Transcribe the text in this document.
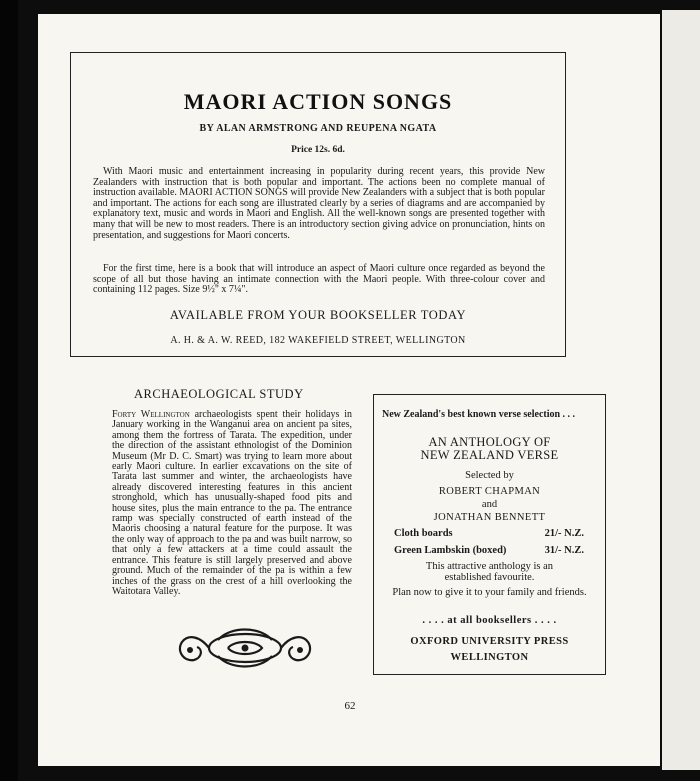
MAORI ACTION SONGS
BY ALAN ARMSTRONG AND REUPENA NGATA
Price 12s. 6d.
With Maori music and entertainment increasing in popularity during recent years, this provide New Zealanders with instruction that is both popular and important. The actions been no complete manual of instruction available. MAORI ACTION SONGS will provide New Zealanders with a subject that is both popular and important. The actions for each song are illustrated clearly by a series of diagrams and are accompanied by explanatory text, music and words in Maori and English. All the well-known songs are presented together with many that will be new to most readers. There is an introductory section giving advice on pronunciation, hints on presentation, and suggestions for Maori concerts.
For the first time, here is a book that will introduce an aspect of Maori culture once regarded as beyond the scope of all but those having an intimate connection with the Maori people. With three-colour cover and containing 112 pages. Size 9½" x 7¼".
AVAILABLE FROM YOUR BOOKSELLER TODAY
A. H. & A. W. REED, 182 WAKEFIELD STREET, WELLINGTON
ARCHAEOLOGICAL STUDY
Forty Wellington archaeologists spent their holidays in January working in the Wanganui area on ancient pa sites, among them the fortress of Tarata. The expedition, under the direction of the assistant ethnologist of the Dominion Museum (Mr D. C. Smart) was trying to learn more about early Maori culture. In earlier excavations on the site of Tarata last summer and winter, the archaeologists have already discovered interesting features in this ancient stronghold, which has unusually-shaped food pits and house sites, plus the main entrance to the pa. The entrance ramp was specially constructed of earth instead of the Maoris choosing a natural feature for the purpose. It was the only way of approach to the pa and was built narrow, so that only a few attackers at a time could assault the entrance. This feature is still largely preserved and above ground. Much of the remainder of the pa is within a few inches of the grass on the crest of a hill overlooking the Waitotara Valley.
New Zealand's best known verse selection . . .
AN ANTHOLOGY OF
NEW ZEALAND VERSE
Selected by
ROBERT CHAPMAN
and
JONATHAN BENNETT
Cloth boards	21/- N.Z.
Green Lambskin (boxed)	31/- N.Z.
This attractive anthology is an established favourite.
Plan now to give it to your family and friends.
. . . . at all booksellers . . . .
OXFORD UNIVERSITY PRESS
WELLINGTON
62
